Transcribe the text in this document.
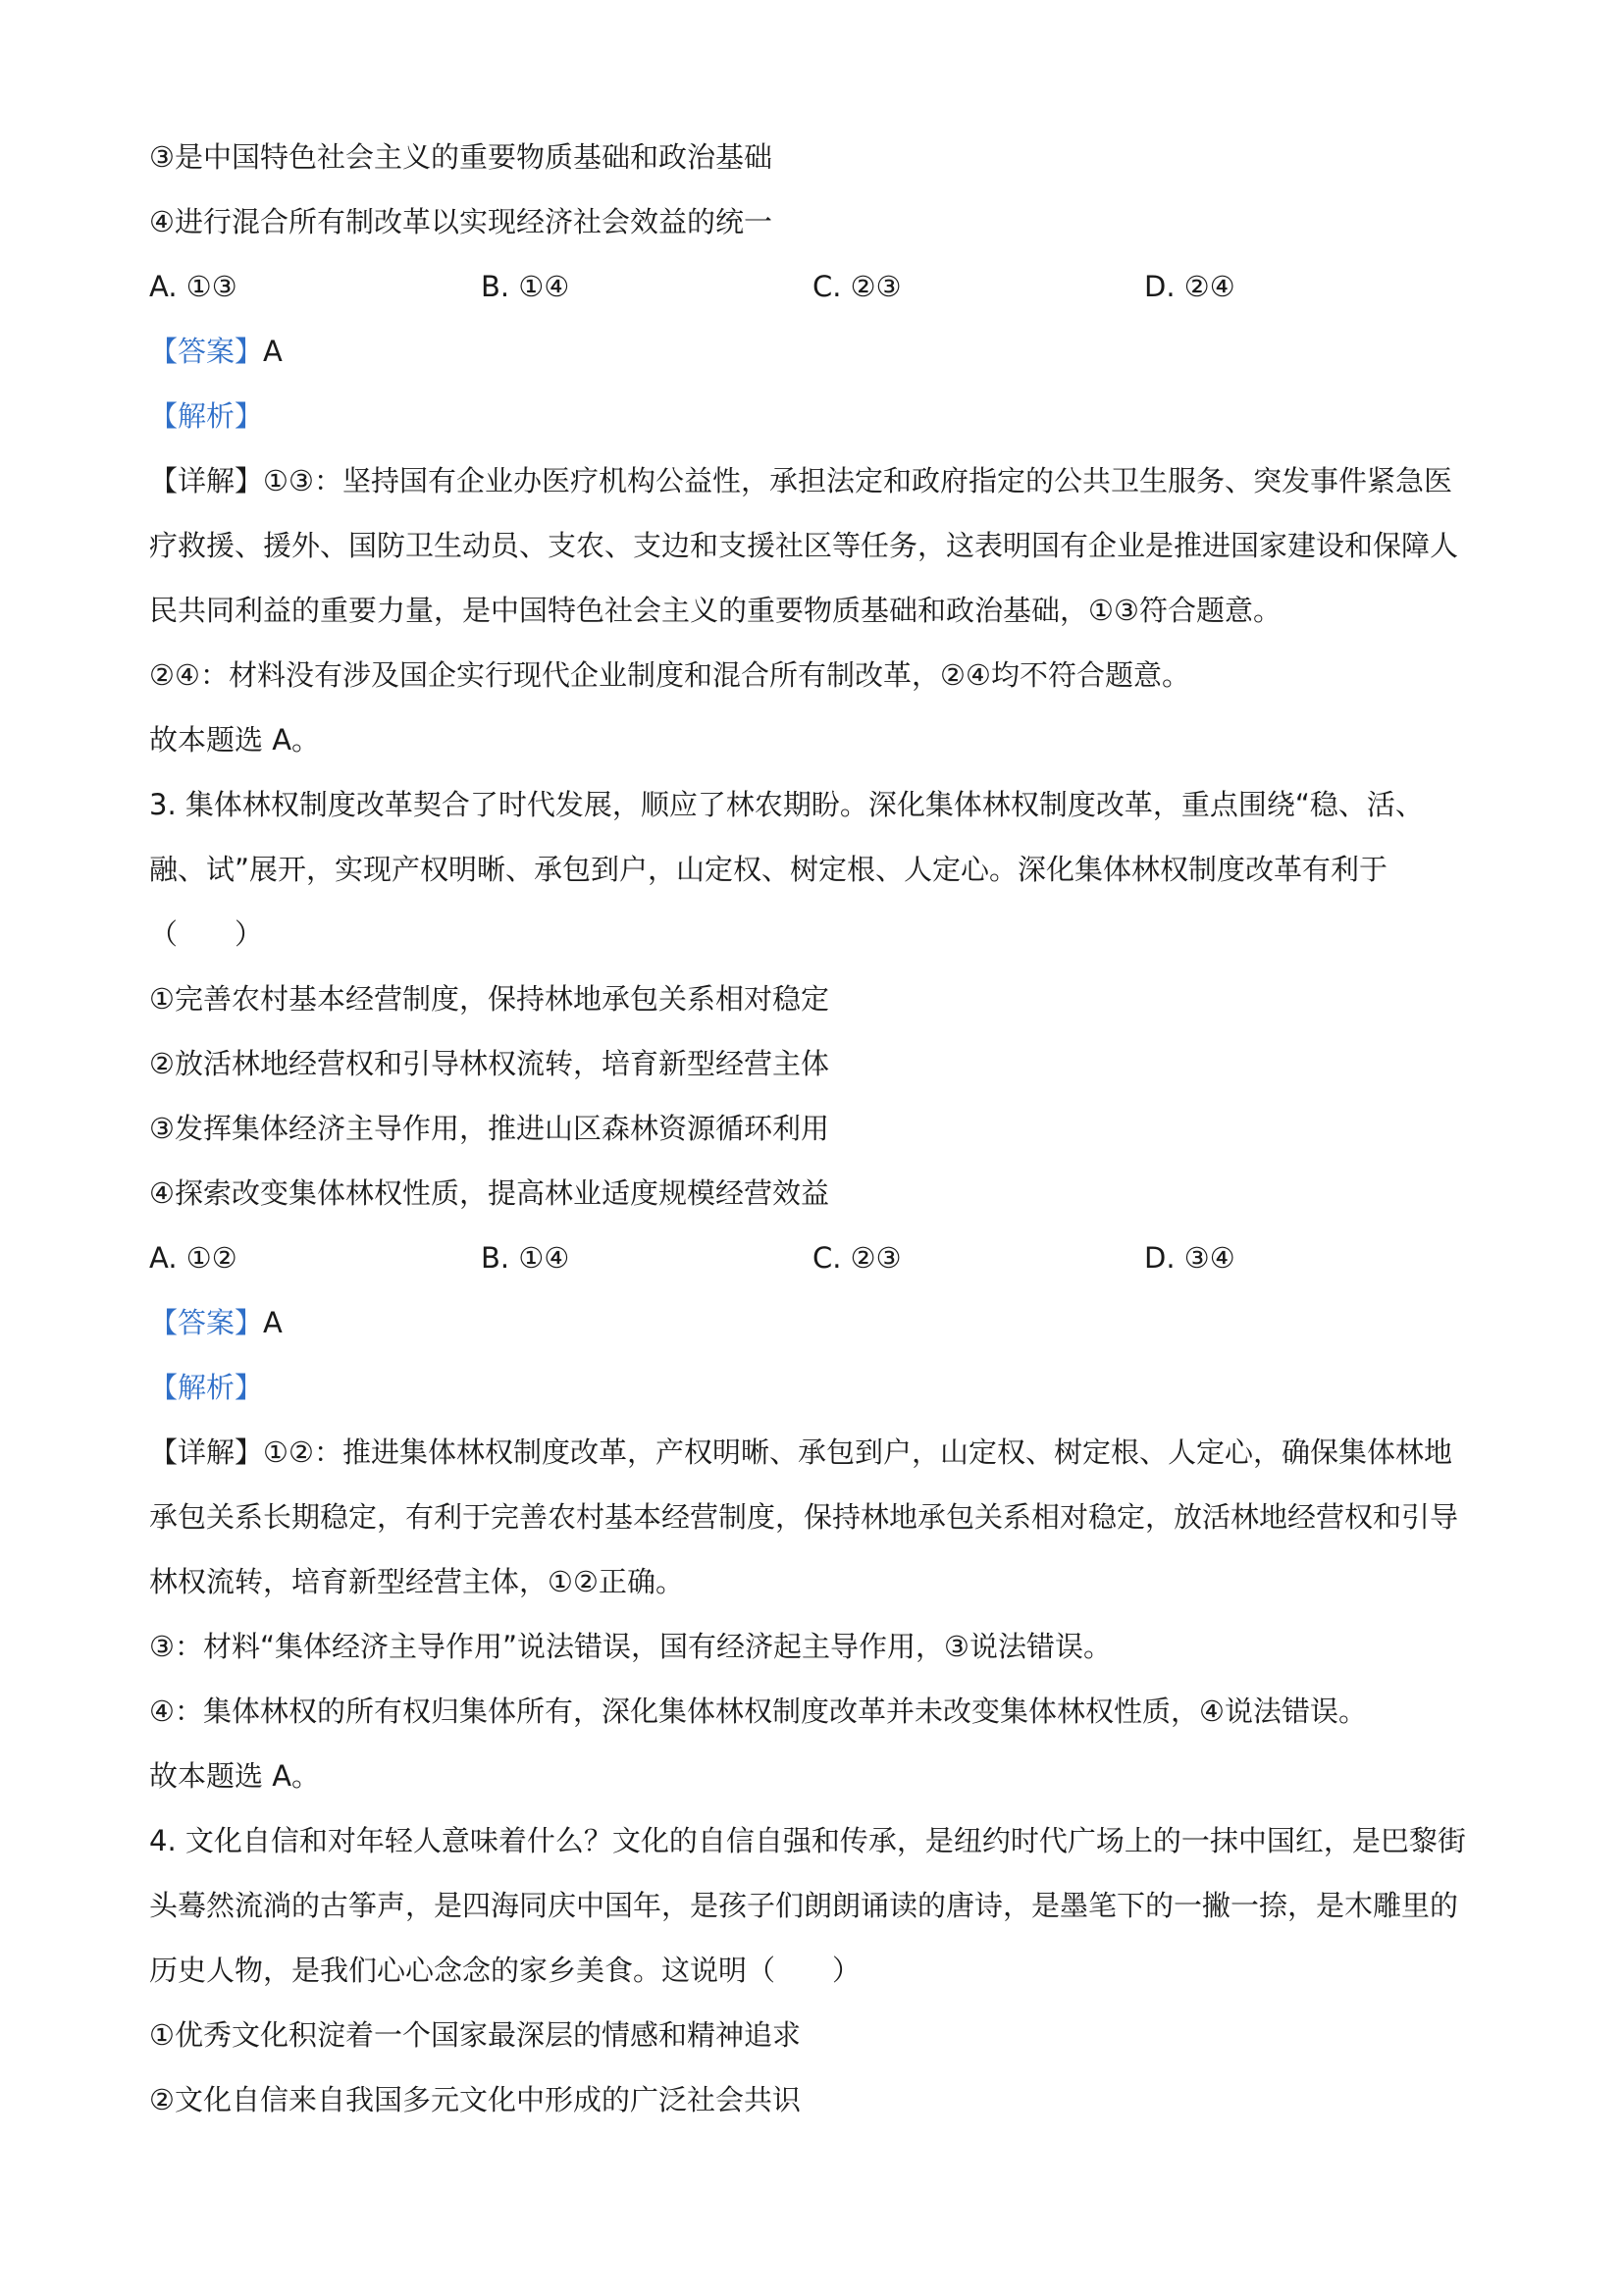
③是中国特色社会主义的重要物质基础和政治基础
④进行混合所有制改革以实现经济社会效益的统一
A. ①③	B. ①④	C. ②③	D. ②④
【答案】A
【解析】
【详解】①③：坚持国有企业办医疗机构公益性，承担法定和政府指定的公共卫生服务、突发事件紧急医
疗救援、援外、国防卫生动员、支农、支边和支援社区等任务，这表明国有企业是推进国家建设和保障人
民共同利益的重要力量，是中国特色社会主义的重要物质基础和政治基础，①③符合题意。
②④：材料没有涉及国企实行现代企业制度和混合所有制改革，②④均不符合题意。
故本题选 A。
3. 集体林权制度改革契合了时代发展，顺应了林农期盼。深化集体林权制度改革，重点围绕“稳、活、
融、试”展开，实现产权明晰、承包到户，山定权、树定根、人定心。深化集体林权制度改革有利于
（　　）
①完善农村基本经营制度，保持林地承包关系相对稳定
②放活林地经营权和引导林权流转，培育新型经营主体
③发挥集体经济主导作用，推进山区森林资源循环利用
④探索改变集体林权性质，提高林业适度规模经营效益
A. ①②	B. ①④	C. ②③	D. ③④
【答案】A
【解析】
【详解】①②：推进集体林权制度改革，产权明晰、承包到户，山定权、树定根、人定心，确保集体林地
承包关系长期稳定，有利于完善农村基本经营制度，保持林地承包关系相对稳定，放活林地经营权和引导
林权流转，培育新型经营主体，①②正确。
③：材料“集体经济主导作用”说法错误，国有经济起主导作用，③说法错误。
④：集体林权的所有权归集体所有，深化集体林权制度改革并未改变集体林权性质，④说法错误。
故本题选 A。
4. 文化自信和对年轻人意味着什么？文化的自信自强和传承，是纽约时代广场上的一抹中国红，是巴黎街
头蓦然流淌的古筝声，是四海同庆中国年，是孩子们朗朗诵读的唐诗，是墨笔下的一撇一捺，是木雕里的
历史人物，是我们心心念念的家乡美食。这说明（　　）
①优秀文化积淀着一个国家最深层的情感和精神追求
②文化自信来自我国多元文化中形成的广泛社会共识
